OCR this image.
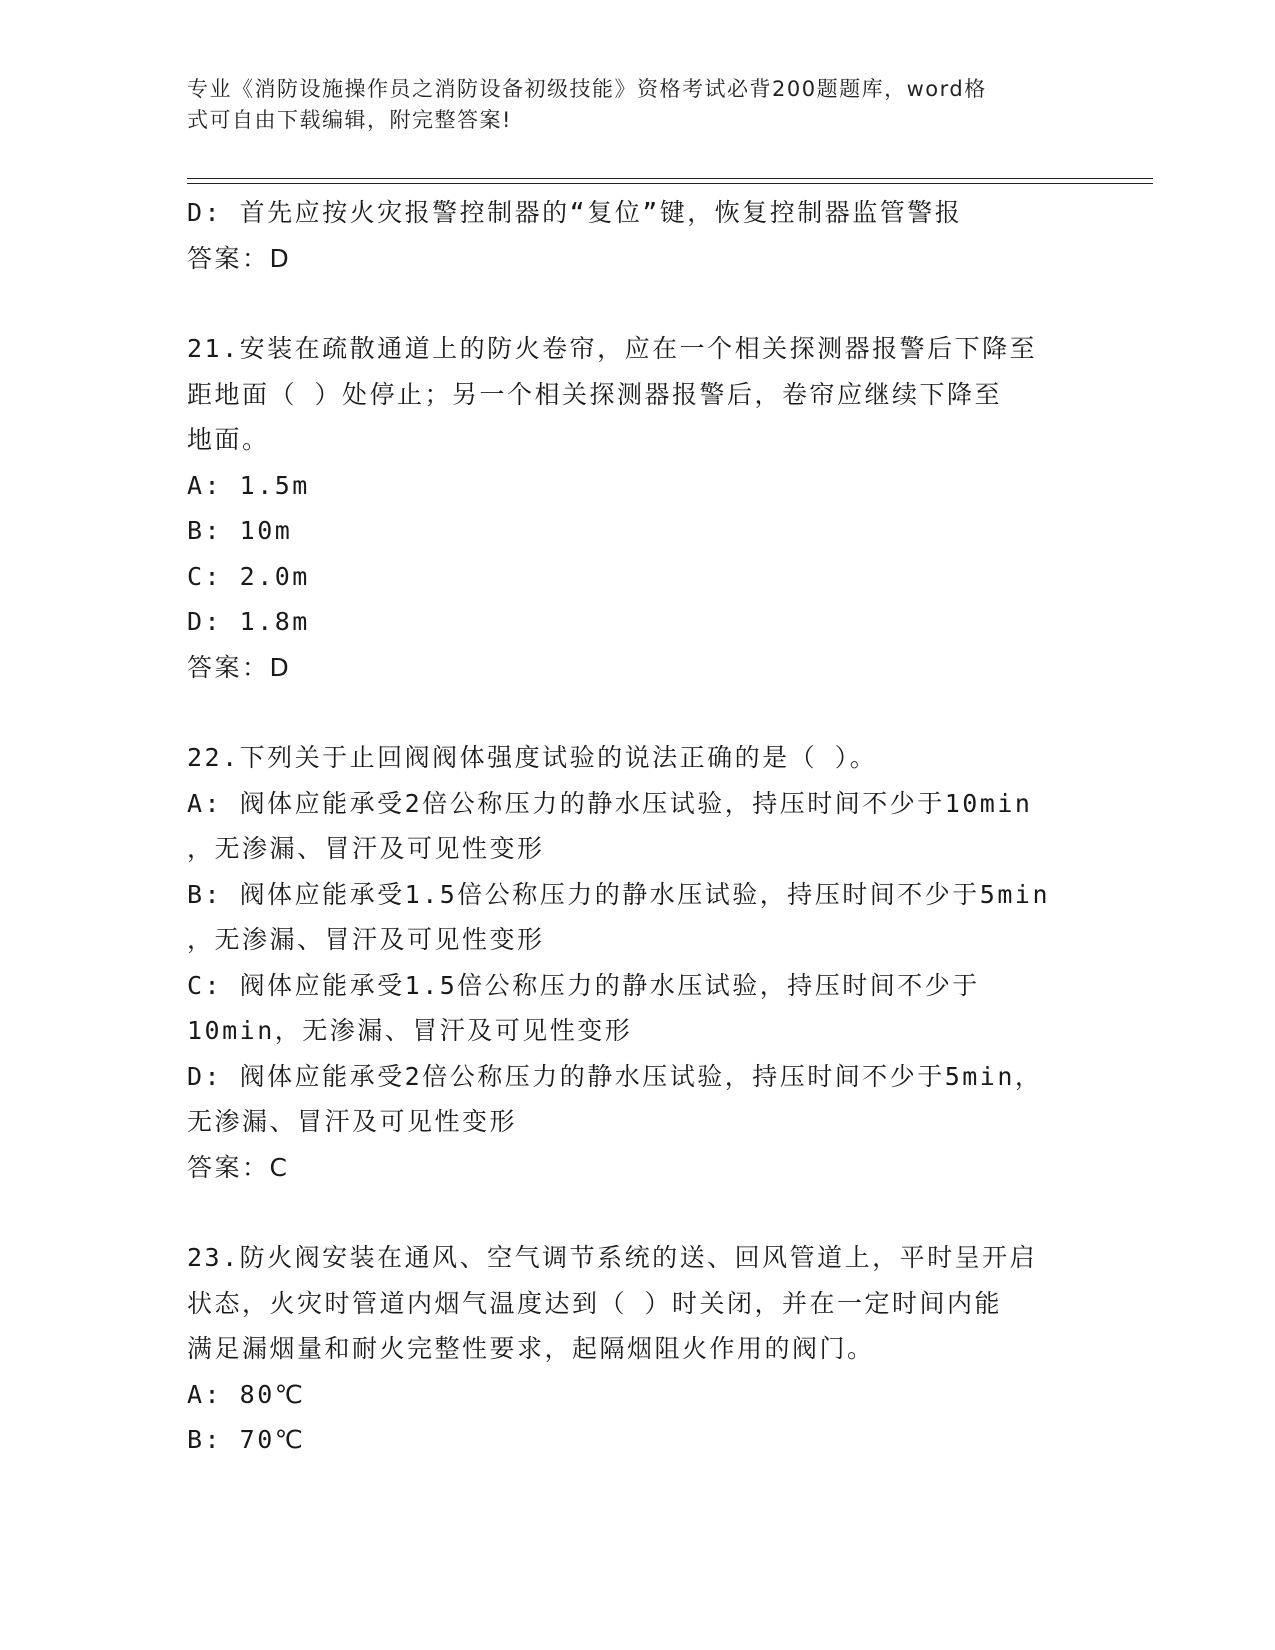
专业《消防设施操作员之消防设备初级技能》资格考试必背200题题库，word格
式可自由下载编辑，附完整答案!

D: 首先应按火灾报警控制器的“复位”键，恢复控制器监管警报

答案：D

21.安装在疏散通道上的防火卷帘，应在一个相关探测器报警后下降至

距地面（ ）处停止；另一个相关探测器报警后，卷帘应继续下降至

地面。

A: 1.5m

B: 10m

C: 2.0m

D: 1.8m

答案：D

22.下列关于止回阀阀体强度试验的说法正确的是（ ）。

A: 阀体应能承受2倍公称压力的静水压试验，持压时间不少于10min

，无渗漏、冒汗及可见性变形

B: 阀体应能承受1.5倍公称压力的静水压试验，持压时间不少于5min

，无渗漏、冒汗及可见性变形

C: 阀体应能承受1.5倍公称压力的静水压试验，持压时间不少于

10min，无渗漏、冒汗及可见性变形

D: 阀体应能承受2倍公称压力的静水压试验，持压时间不少于5min，

无渗漏、冒汗及可见性变形

答案：C

23.防火阀安装在通风、空气调节系统的送、回风管道上，平时呈开启

状态，火灾时管道内烟气温度达到（ ）时关闭，并在一定时间内能

满足漏烟量和耐火完整性要求，起隔烟阻火作用的阀门。

A: 80℃

B: 70℃
